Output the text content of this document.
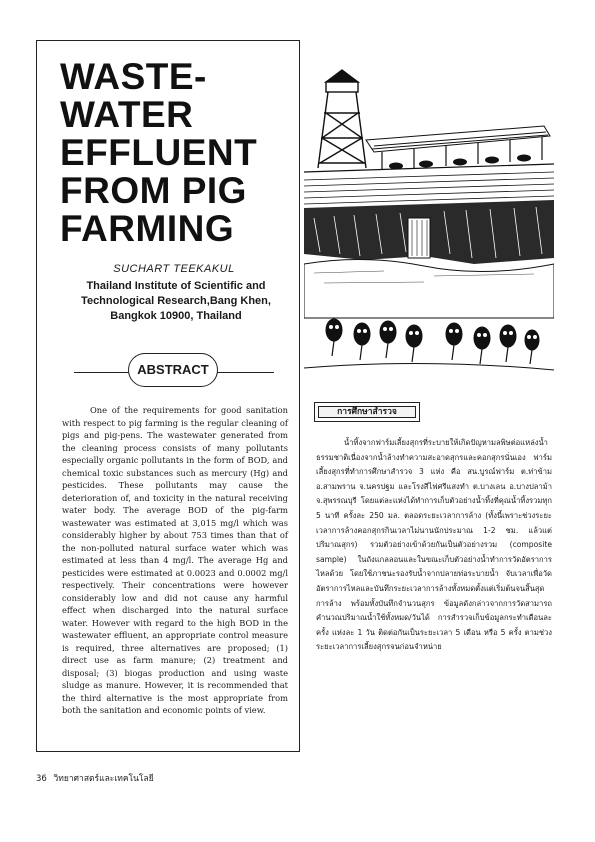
WASTE-
WATER
EFFLUENT
FROM PIG
FARMING
SUCHART TEEKAKUL
Thailand Institute of Scientific and
Technological Research,Bang Khen,
Bangkok 10900, Thailand
ABSTRACT

One of the requirements for good sanitation with respect to pig farming is the regular cleaning of pigs and pig-pens. The wastewater generated from the cleaning process consists of many pollutants especially organic pollutants in the form of BOD, and chemical toxic substances such as mercury (Hg) and pesticides. These pollutants may cause the deterioration of, and toxicity in the natural receiving water body. The average BOD of the pig-farm wastewater was estimated at 3,015 mg/l which was considerably higher by about 753 times than that of the non-polluted natural surface water which was estimated at less than 4 mg/l. The average Hg and pesticides were estimated at 0.0023 and 0.0002 mg/l respectively. Their concentrations were however considerably low and did not cause any harmful effect when discharged into the natural surface water. However with regard to the high BOD in the wastewater effluent, an appropriate control measure is required, three alternatives are proposed; (1) direct use as farm manure; (2) treatment and disposal; (3) biogas production and using waste sludge as manure. However, it is recommended that the third alternative is the most appropriate from both the sanitation and economic points of view.

การศึกษาสำรวจ

น้ำทิ้งจากฟาร์มเลี้ยงสุกรที่ระบายให้เกิดปัญหามลพิษต่อแหล่งน้ำธรรมชาติเนื่องจากน้ำล้างทำความสะอาดสุกรและคอกสุกรนั่นเอง ฟาร์มเลี้ยงสุกรที่ทำการศึกษาสำรวจ 3 แห่ง คือ สน.บูรณ์ฟาร์ม ต.ท่าข้าม อ.สามพราน จ.นครปฐม และโรงสีไฟศรีแสงทำ ต.บางเลน อ.บางปลาม้า จ.สุพรรณบุรี โดยแต่ละแห่งได้ทำการเก็บตัวอย่างน้ำทิ้งที่คุณน้ำทิ้งรวมทุก 5 นาที ครั้งละ 250 มล. ตลอดระยะเวลาการล้าง (ทั้งนี้เพราะช่วงระยะเวลาการล้างคอกสุกรกินเวลาไม่นานนักประมาณ 1-2 ชม. แล้วแต่ปริมาณสุกร) รวมตัวอย่างเข้าด้วยกันเป็นตัวอย่างรวม (composite sample) ในถังแกลลอนและในขณะเก็บตัวอย่างน้ำทำการวัดอัตราการไหลด้วย โดยใช้ภาชนะรองรับน้ำจากปลายท่อระบายน้ำ จับเวลาเพื่อวัดอัตราการไหลและบันทึกระยะเวลาการล้างทั้งหมดตั้งแต่เริ่มต้นจนสิ้นสุดการล้าง พร้อมทั้งบันทึกจำนวนสุกร ข้อมูลดังกล่าวจากการวัดสามารถคำนวณปริมาณน้ำใช้ทั้งหมด/วันได้ การสำรวจเก็บข้อมูลกระทำเดือนละครั้ง แห่งละ 1 วัน ติดต่อกันเป็นระยะเวลา 5 เดือน หรือ 5 ครั้ง ตามช่วงระยะเวลาการเลี้ยงสุกรจนก่อนจำหน่าย

36 วิทยาศาสตร์และเทคโนโลยี
